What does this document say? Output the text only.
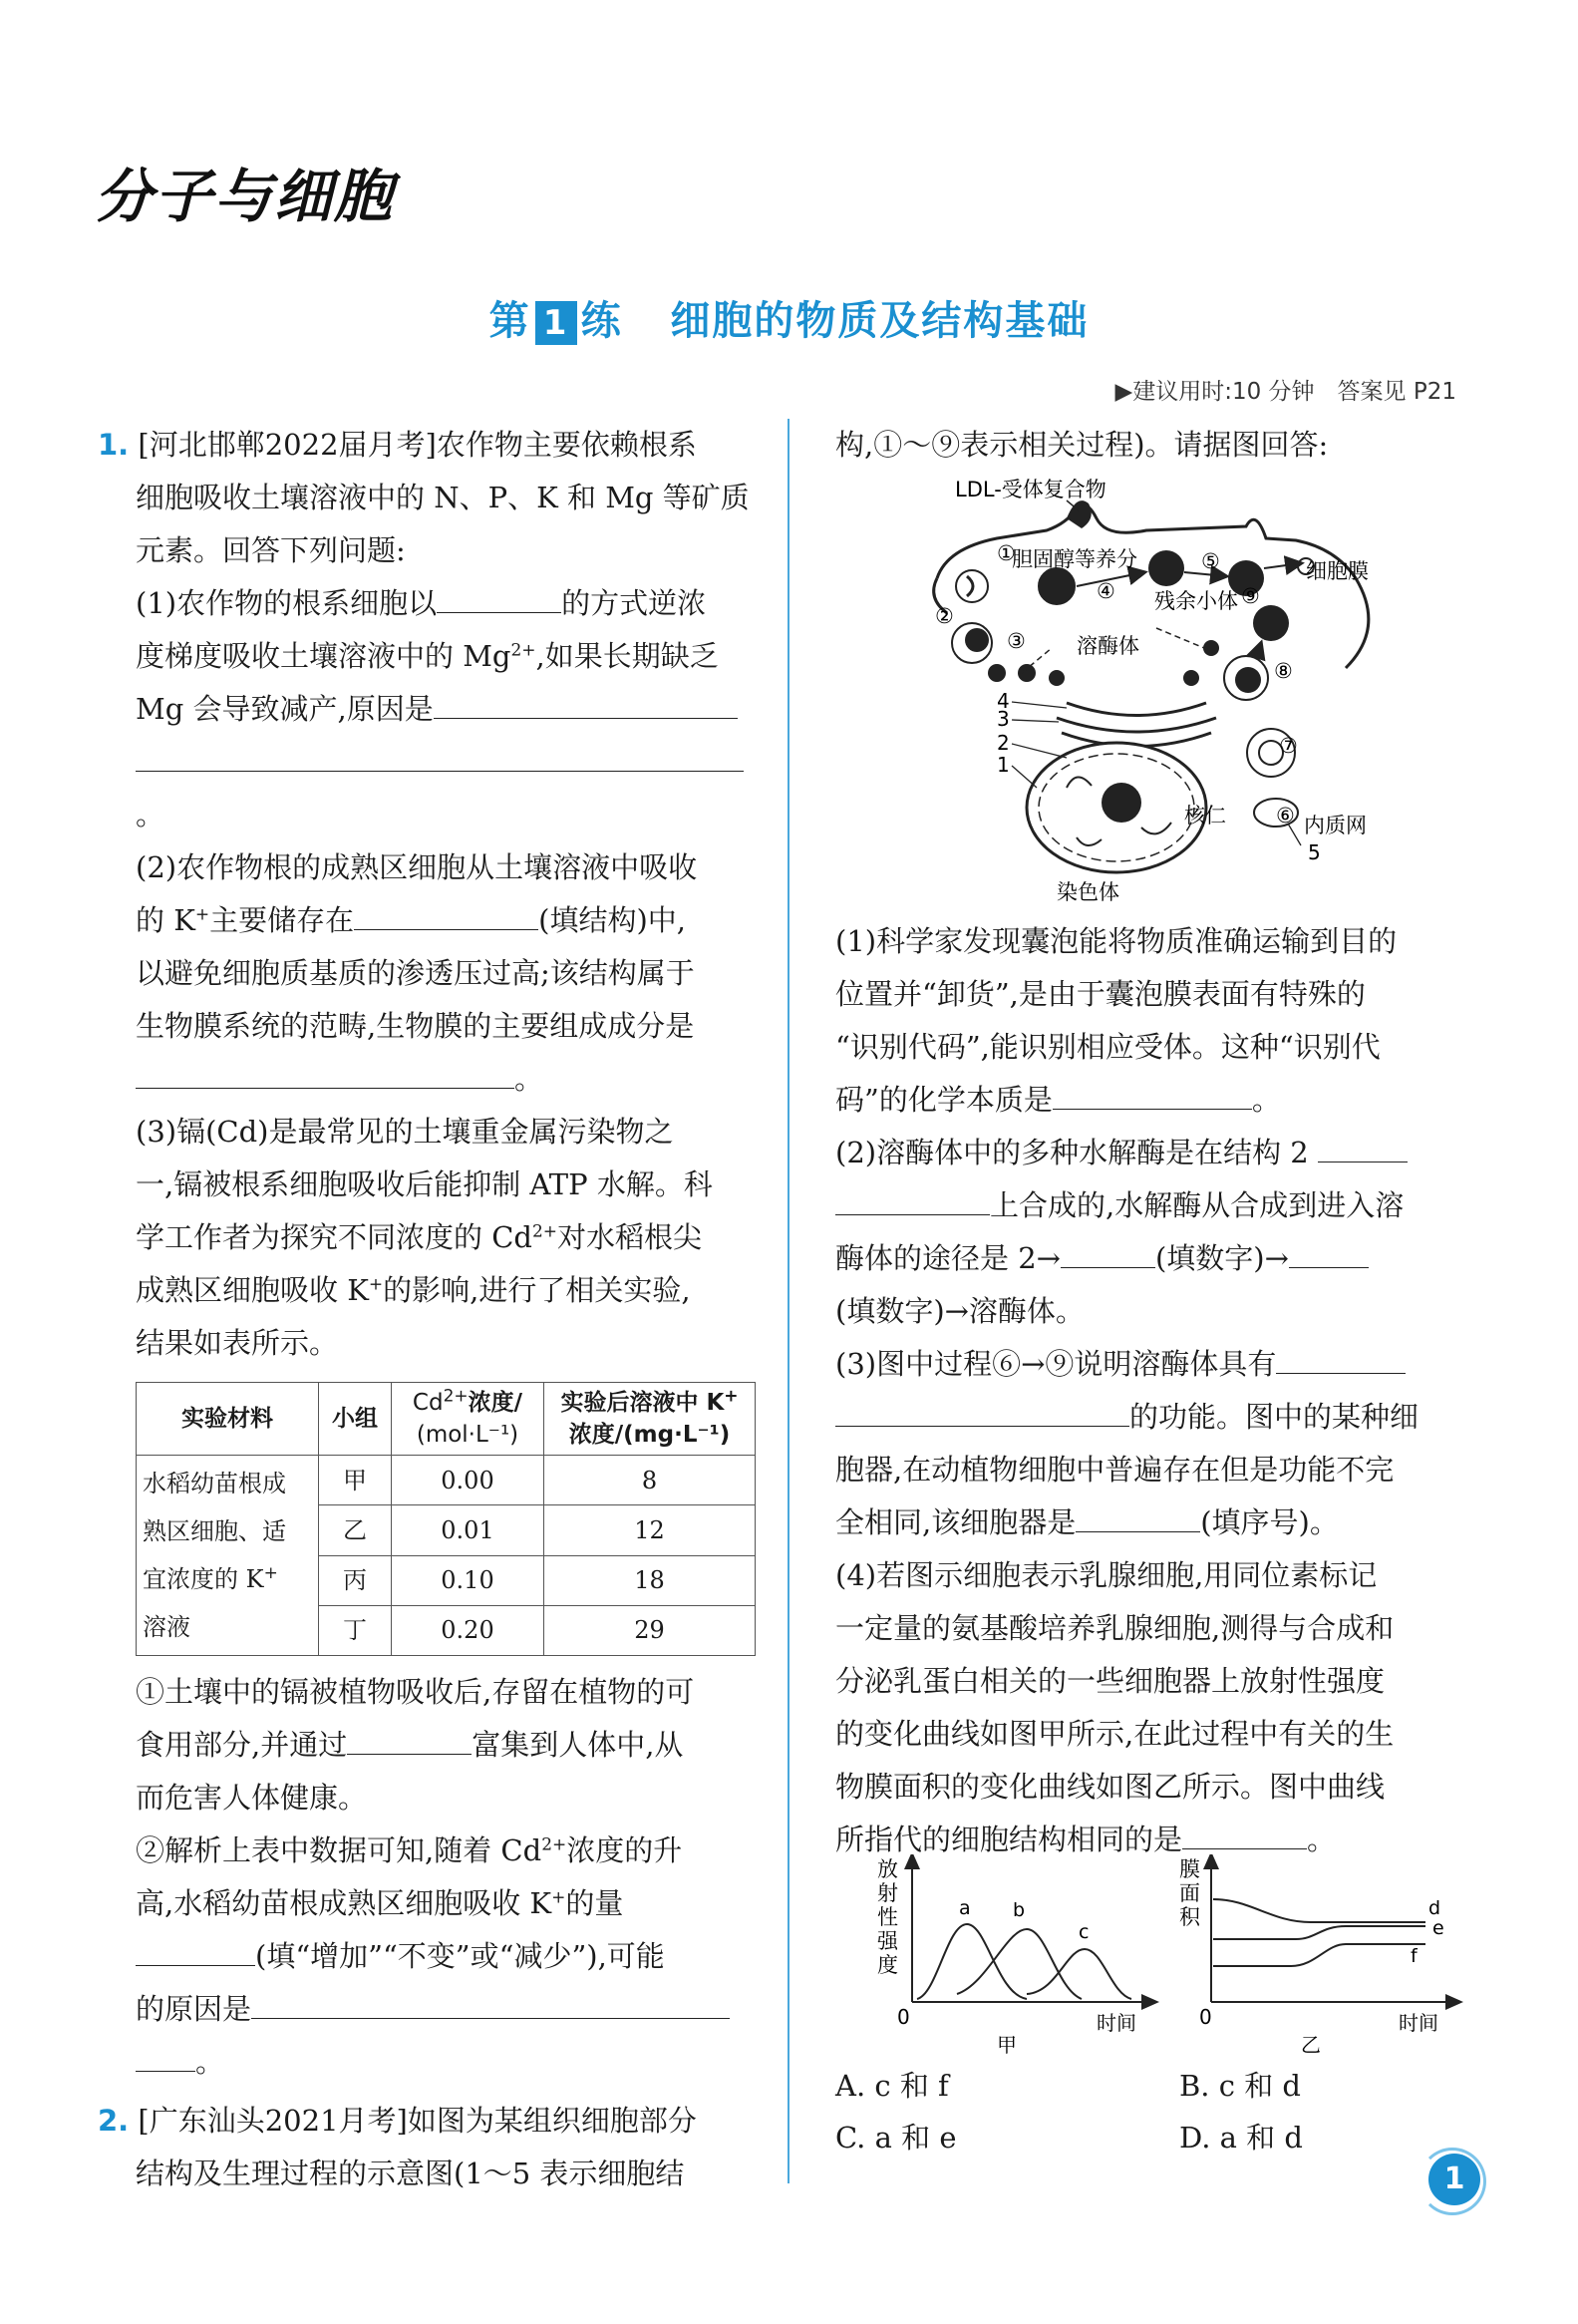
分子与细胞
第 1 练 细胞的物质及结构基础
▶建议用时:10 分钟　答案见 P21

1. [河北邯郸2022届月考]农作物主要依赖根系

细胞吸收土壤溶液中的 N、P、K 和 Mg 等矿质

元素。回答下列问题:

(1)农作物的根系细胞以	的方式逆浓

度梯度吸收土壤溶液中的 $Mg^{2+}$,如果长期缺乏

Mg 会导致减产,原因是

。

(2)农作物根的成熟区细胞从土壤溶液中吸收

的 K+主要储存在	(填结构)中,

以避免细胞质基质的渗透压过高;该结构属于

生物膜系统的范畴,生物膜的主要组成成分是

。

(3)镉(Cd)是最常见的土壤重金属污染物之

一,镉被根系细胞吸收后能抑制 ATP 水解。科

学工作者为探究不同浓度的 $Cd^{2+}$对水稻根尖

成熟区细胞吸收 K+的影响,进行了相关实验,

结果如表所示。

实验材料	小组	$Cd^{2+}$浓度/
(mol·L⁻¹)	实验后溶液中 K+
浓度/(mg·L⁻¹)
水稻幼苗根成
熟区细胞、适
宜浓度的 K+
溶液	甲	0.00	8
	乙	0.01	12
	丙	0.10	18
	丁	0.20	29

①土壤中的镉被植物吸收后,存留在植物的可

食用部分,并通过	富集到人体中,从

而危害人体健康。

②解析上表中数据可知,随着 $Cd^{2+}$浓度的升

高,水稻幼苗根成熟区细胞吸收 K+的量

(填“增加”“不变”或“减少”),可能

的原因是

。

2. [广东汕头2021月考]如图为某组织细胞部分

结构及生理过程的示意图(1～5 表示细胞结

构,①～⑨表示相关过程)。请据图回答:

LDL-受体复合物
①
②
③
④
⑤
⑥
⑦
⑧
⑨
胆固醇等养分
残余小体
细胞膜
溶酶体
核仁	内质网
染色体
4
3
2
1
5

(1)科学家发现囊泡能将物质准确运输到目的

位置并“卸货”,是由于囊泡膜表面有特殊的

“识别代码”,能识别相应受体。这种“识别代

码”的化学本质是	。

(2)溶酶体中的多种水解酶是在结构 2

上合成的,水解酶从合成到进入溶

酶体的途径是 2→	(填数字)→

(填数字)→溶酶体。

(3)图中过程⑥→⑨说明溶酶体具有

的功能。图中的某种细

胞器,在动植物细胞中普遍存在但是功能不完

全相同,该细胞器是	(填序号)。

(4)若图示细胞表示乳腺细胞,用同位素标记

一定量的氨基酸培养乳腺细胞,测得与合成和

分泌乳蛋白相关的一些细胞器上放射性强度

的变化曲线如图甲所示,在此过程中有关的生

物膜面积的变化曲线如图乙所示。图中曲线

所指代的细胞结构相同的是	。

放
射
性
强
度
0	时间
甲
a b
c
膜
面
积
0	时间
乙
d
e
f
A. c 和 f	B. c 和 d
C. a 和 e	D. a 和 d
1
